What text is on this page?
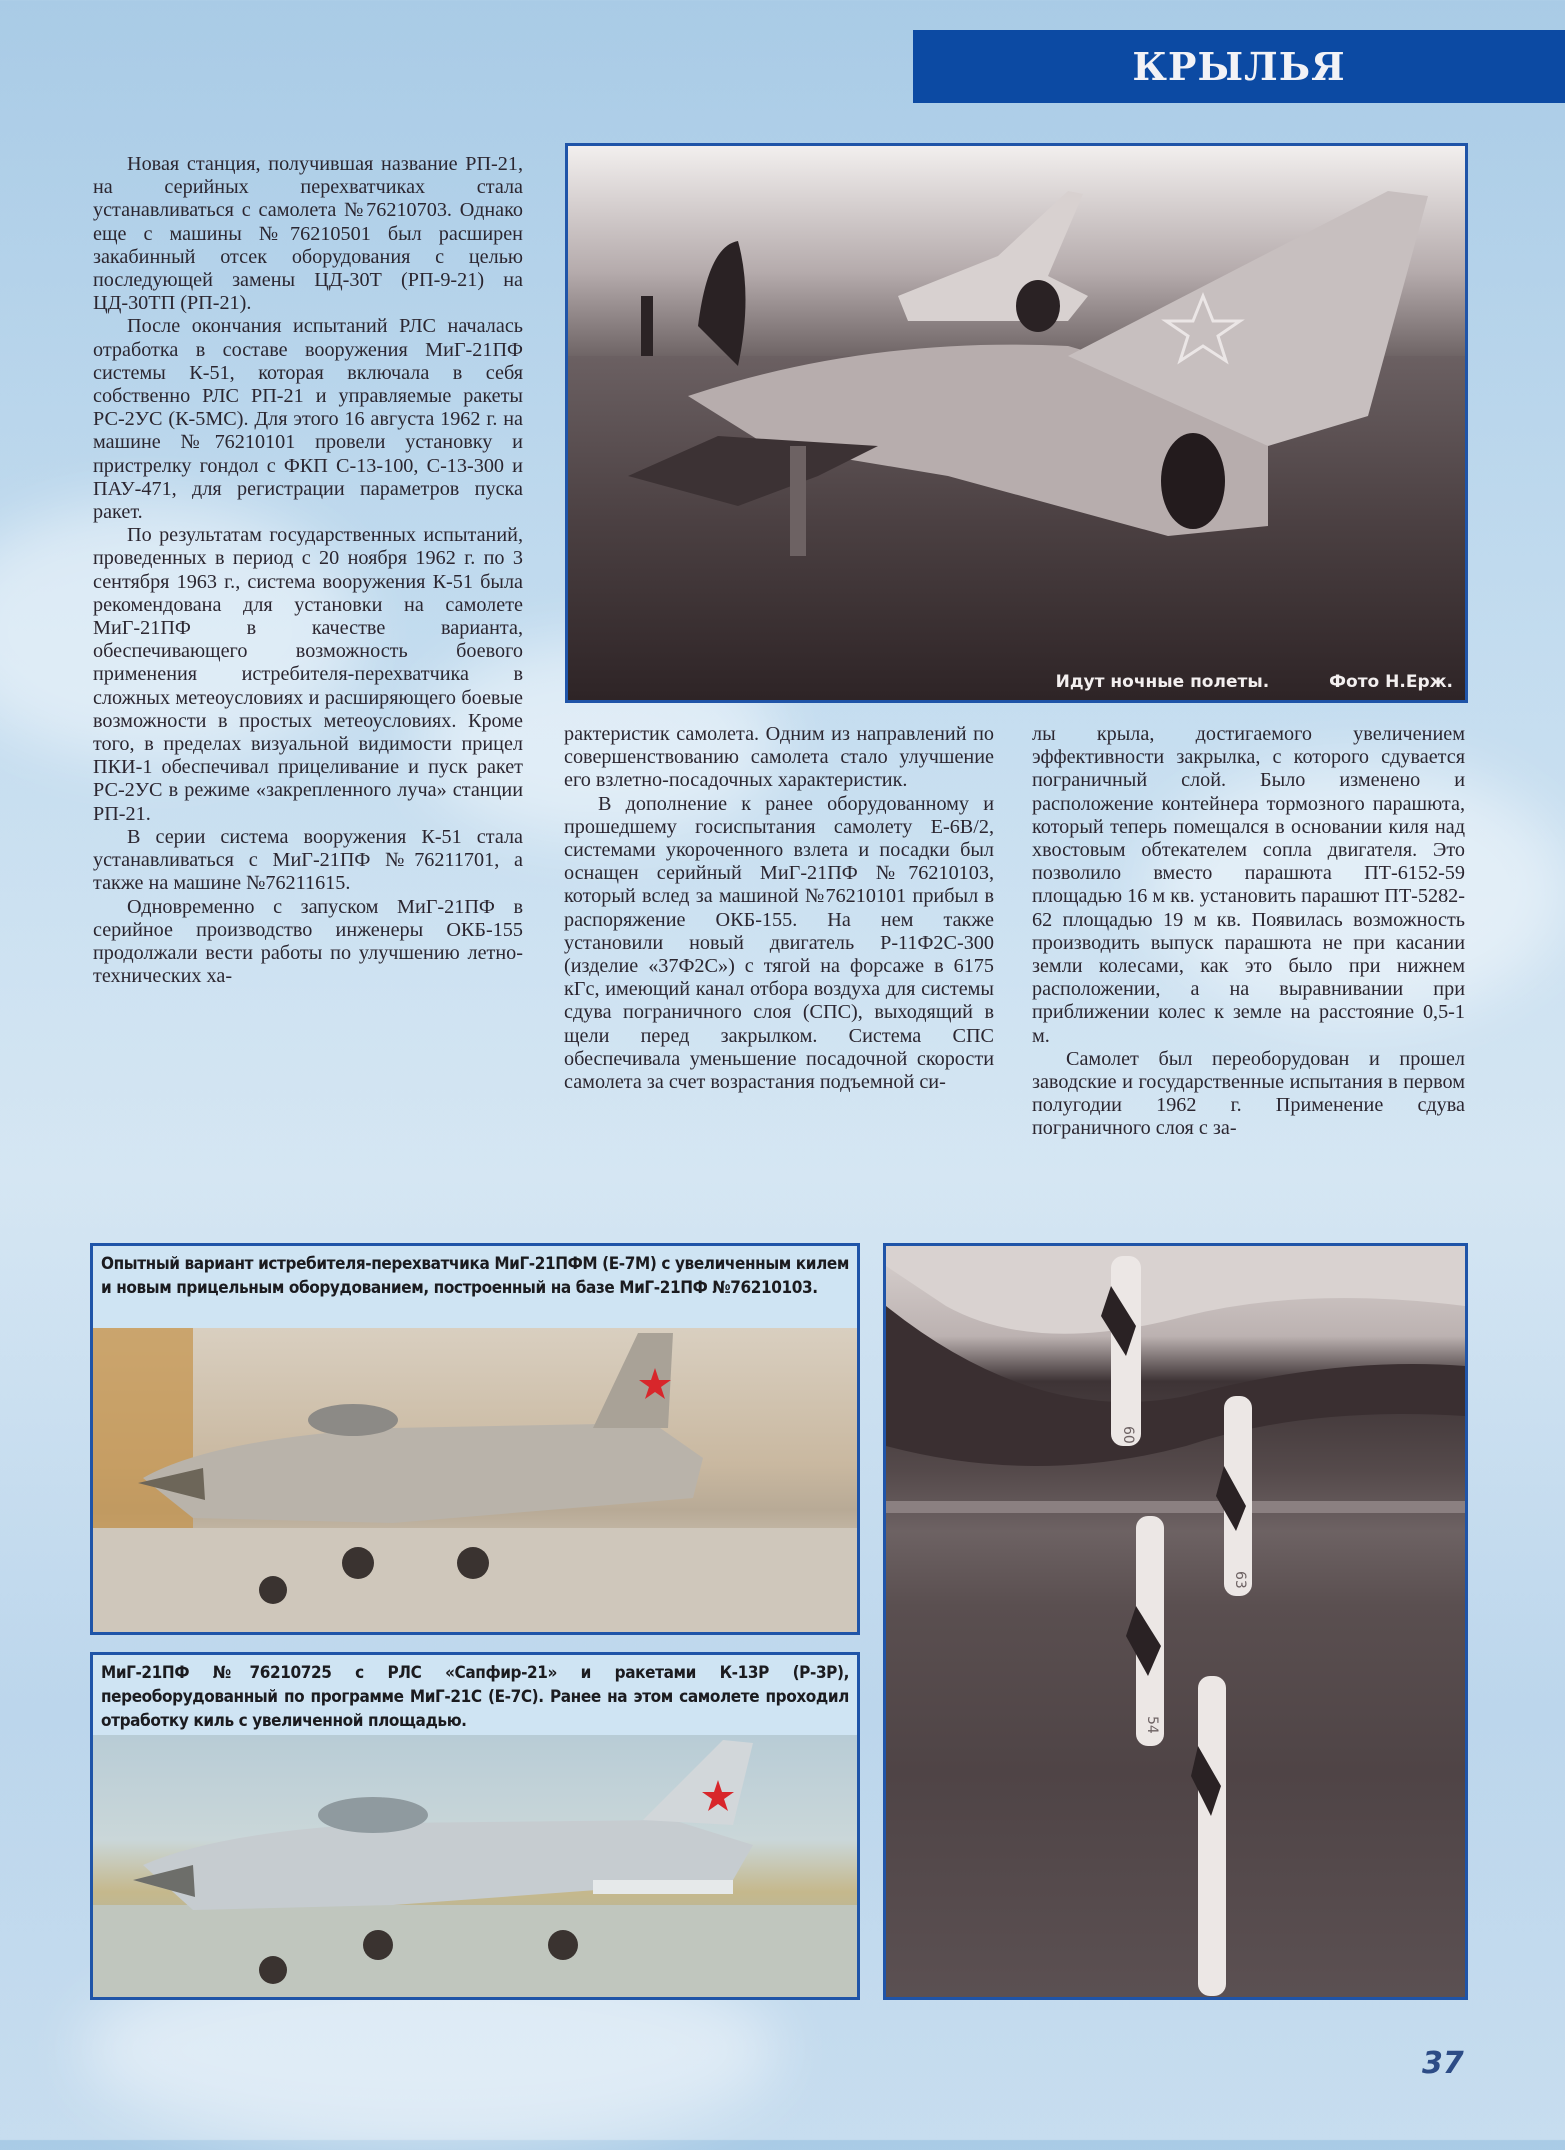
КРЫЛЬЯ

Новая станция, получившая название РП-21, на серийных перехватчиках стала устанавливаться с самолета №76210703. Однако еще с машины №76210501 был расширен закабинный отсек оборудования с целью последующей замены ЦД-30Т (РП-9-21) на ЦД-30ТП (РП-21).

После окончания испытаний РЛС началась отработка в составе вооружения МиГ-21ПФ системы К-51, которая включала в себя собственно РЛС РП-21 и управляемые ракеты РС-2УС (К-5МС). Для этого 16 августа 1962 г. на машине №76210101 провели установку и пристрелку гондол с ФКП С-13-100, С-13-300 и ПАУ-471, для регистрации параметров пуска ракет.

По результатам государственных испытаний, проведенных в период с 20 ноября 1962 г. по 3 сентября 1963 г., система вооружения К-51 была рекомендована для установки на самолете МиГ-21ПФ в качестве варианта, обеспечивающего возможность боевого применения истребителя-перехватчика в сложных метеоусловиях и расширяющего боевые возможности в простых метеоусловиях. Кроме того, в пределах визуальной видимости прицел ПКИ-1 обеспечивал прицеливание и пуск ракет РС-2УС в режиме «закрепленного луча» станции РП-21.

В серии система вооружения К-51 стала устанавливаться с МиГ-21ПФ №76211701, а также на машине №76211615.

Одновременно с запуском МиГ-21ПФ в серийное производство инженеры ОКБ-155 продолжали вести работы по улучшению летно-технических ха-

Идут ночные полеты.	Фото Н.Ерж.

рактеристик самолета. Одним из направлений по совершенствованию самолета стало улучшение его взлетно-посадочных характеристик.

В дополнение к ранее оборудованному и прошедшему госиспытания самолету Е-6В/2, системами укороченного взлета и посадки был оснащен серийный МиГ-21ПФ №76210103, который вслед за машиной №76210101 прибыл в распоряжение ОКБ-155. На нем также установили новый двигатель Р-11Ф2С-300 (изделие «37Ф2С») с тягой на форсаже в 6175 кГс, имеющий канал отбора воздуха для системы сдува пограничного слоя (СПС), выходящий в щели перед закрылком. Система СПС обеспечивала уменьшение посадочной скорости самолета за счет возрастания подъемной си-

лы крыла, достигаемого увеличением эффективности закрылка, с которого сдувается пограничный слой. Было изменено и расположение контейнера тормозного парашюта, который теперь помещался в основании киля над хвостовым обтекателем сопла двигателя. Это позволило вместо парашюта ПТ-6152-59 площадью 16 м кв. установить парашют ПТ-5282-62 площадью 19 м кв. Появилась возможность производить выпуск парашюта не при касании земли колесами, как это было при нижнем расположении, а на выравнивании при приближении колес к земле на расстояние 0,5-1 м.

Самолет был переоборудован и прошел заводские и государственные испытания в первом полугодии 1962 г. Применение сдува пограничного слоя с за-

Опытный вариант истребителя-перехватчика МиГ-21ПФМ (Е-7М) с увеличенным килем и новым прицельным оборудованием, построенный на базе МиГ-21ПФ №76210103.
МиГ-21ПФ №76210725 с РЛС «Сапфир-21» и ракетами К-13Р (Р-3Р), переоборудованный по программе МиГ-21С (Е-7С). Ранее на этом самолете проходил отработку киль с увеличенной площадью.
60
63
54
37
